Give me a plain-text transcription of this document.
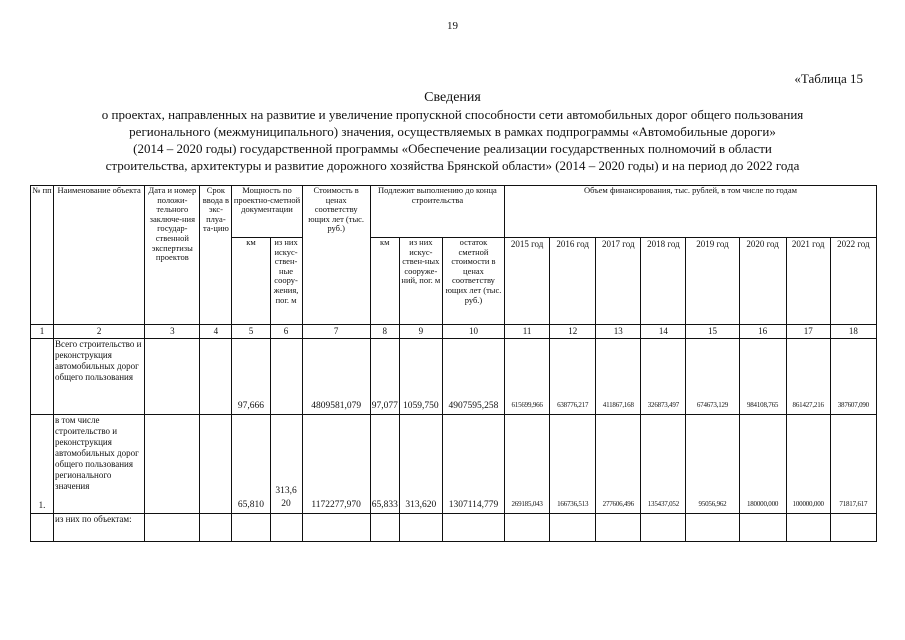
19
«Таблица 15
Сведения
о проектах, направленных на развитие и увеличение пропускной способности сети автомобильных дорог общего пользования
регионального (межмуниципального) значения, осуществляемых в рамках подпрограммы «Автомобильные дороги»
(2014 – 2020 годы) государственной программы «Обеспечение реализации государственных полномочий в области
строительства, архитектуры и развитие дорожного хозяйства Брянской области» (2014 – 2020 годы) и на период до 2022 года
№ пп	Наименование объекта	Дата и номер положи-тельного заключе-ния государ-ственной экспертизы проектов	Срок ввода в экс-плуа-та-цию	Мощность по проектно-сметной документации		Стоимость в ценах соответству ющих лет (тыс. руб.)	Подлежит выполнению до конца строительства			Объем финансирования, тыс. рублей, в том числе по годам							
				км	из них искус-ствен-ные соору-жения, пог. м		км	из них искус-ствен-ных сооруже-ний, пог. м	остаток сметной стоимости в ценах соответству ющих лет (тыс. руб.)	2015 год	2016 год	2017 год	2018 год	2019 год	2020 год	2021 год	2022 год
1	2	3	4	5	6	7	8	9	10	11	12	13	14	15	16	17	18
	Всего строительство и реконструкция автомобильных дорог общего пользования			97,666		4809581,079	97,077	1059,750	4907595,258	615699,966	638776,217	411867,168	326873,497	674673,129	984108,765	861427,216	387607,090
1.	в том числе строительство и реконструкция автомобильных дорог общего пользования регионального значения			65,810	313,6 20	1172277,970	65,833	313,620	1307114,779	269185,043	166736,513	277606,496	135437,052	95056,962	180000,000	100000,000	71817,617
	из них по объектам:																
